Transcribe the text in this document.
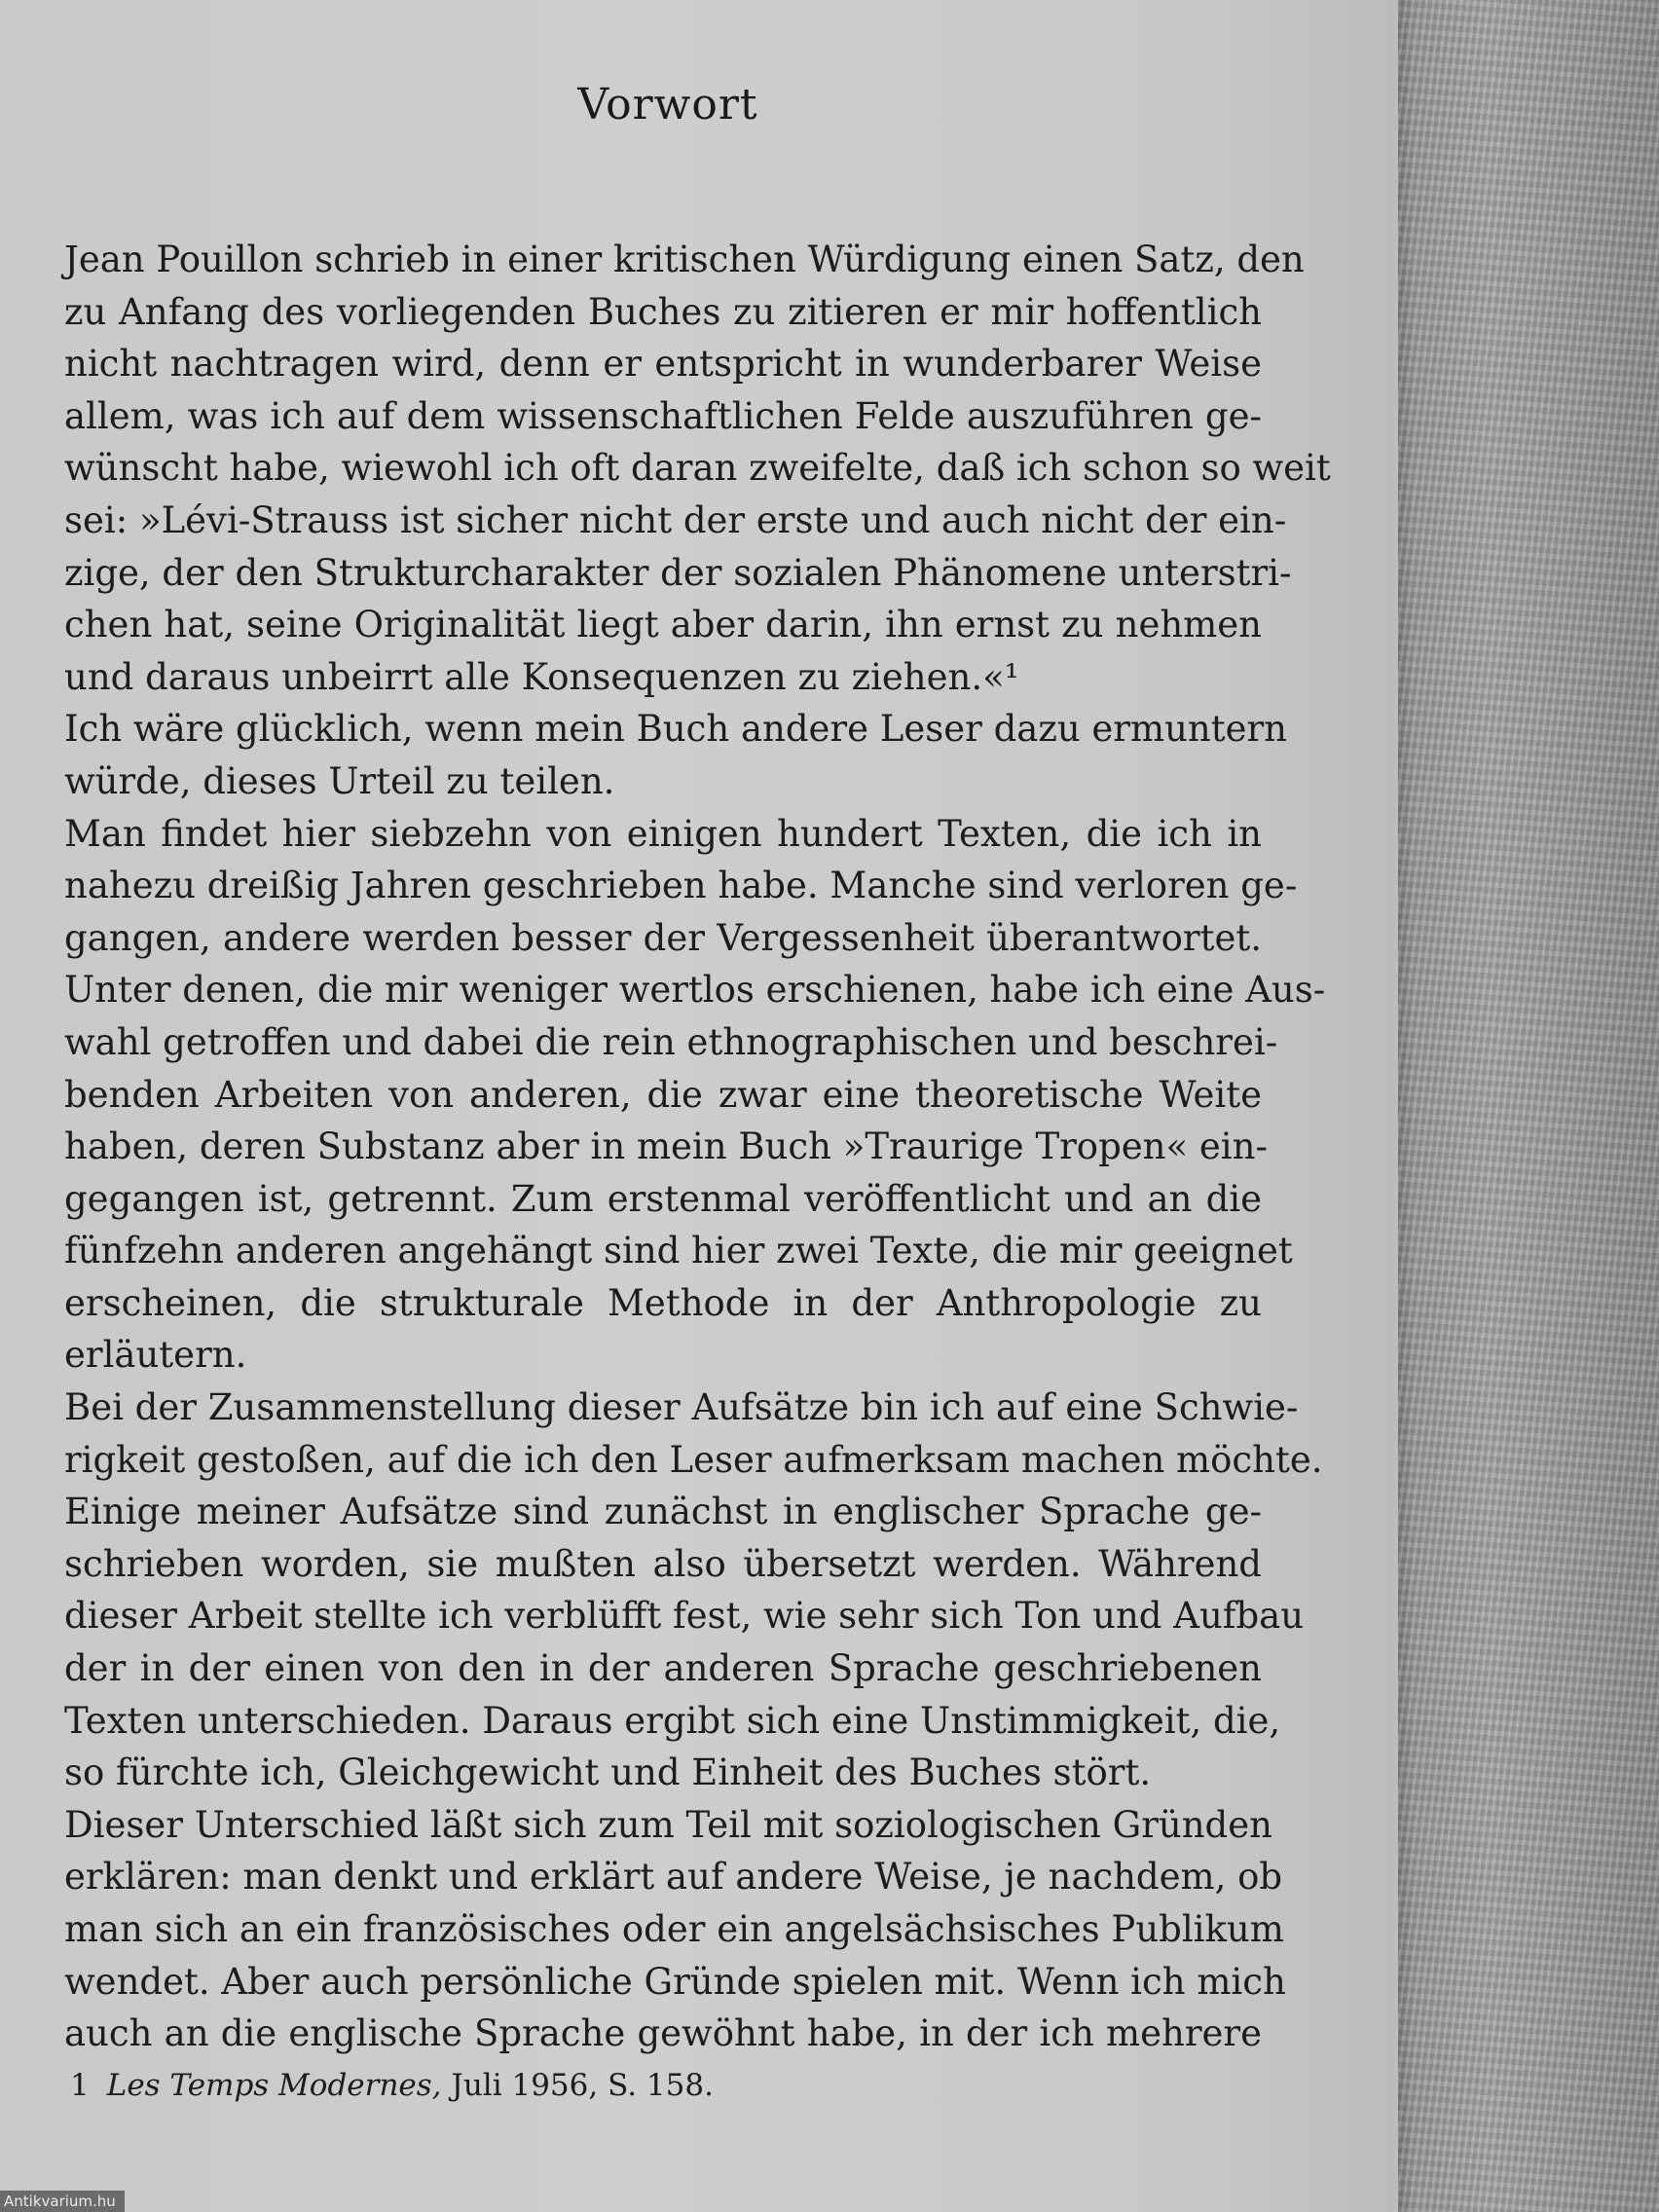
Vorwort
Jean Pouillon schrieb in einer kritischen Würdigung einen Satz, den
zu Anfang des vorliegenden Buches zu zitieren er mir hoffentlich
nicht nachtragen wird, denn er entspricht in wunderbarer Weise
allem, was ich auf dem wissenschaftlichen Felde auszuführen ge-
wünscht habe, wiewohl ich oft daran zweifelte, daß ich schon so weit
sei: »Lévi-Strauss ist sicher nicht der erste und auch nicht der ein-
zige, der den Strukturcharakter der sozialen Phänomene unterstri-
chen hat, seine Originalität liegt aber darin, ihn ernst zu nehmen
und daraus unbeirrt alle Konsequenzen zu ziehen.«¹
Ich wäre glücklich, wenn mein Buch andere Leser dazu ermuntern
würde, dieses Urteil zu teilen.
Man findet hier siebzehn von einigen hundert Texten, die ich in
nahezu dreißig Jahren geschrieben habe. Manche sind verloren ge-
gangen, andere werden besser der Vergessenheit überantwortet.
Unter denen, die mir weniger wertlos erschienen, habe ich eine Aus-
wahl getroffen und dabei die rein ethnographischen und beschrei-
benden Arbeiten von anderen, die zwar eine theoretische Weite
haben, deren Substanz aber in mein Buch »Traurige Tropen« ein-
gegangen ist, getrennt. Zum erstenmal veröffentlicht und an die
fünfzehn anderen angehängt sind hier zwei Texte, die mir geeignet
erscheinen, die strukturale Methode in der Anthropologie zu
erläutern.
Bei der Zusammenstellung dieser Aufsätze bin ich auf eine Schwie-
rigkeit gestoßen, auf die ich den Leser aufmerksam machen möchte.
Einige meiner Aufsätze sind zunächst in englischer Sprache ge-
schrieben worden, sie mußten also übersetzt werden. Während
dieser Arbeit stellte ich verblüfft fest, wie sehr sich Ton und Aufbau
der in der einen von den in der anderen Sprache geschriebenen
Texten unterschieden. Daraus ergibt sich eine Unstimmigkeit, die,
so fürchte ich, Gleichgewicht und Einheit des Buches stört.
Dieser Unterschied läßt sich zum Teil mit soziologischen Gründen
erklären: man denkt und erklärt auf andere Weise, je nachdem, ob
man sich an ein französisches oder ein angelsächsisches Publikum
wendet. Aber auch persönliche Gründe spielen mit. Wenn ich mich
auch an die englische Sprache gewöhnt habe, in der ich mehrere
1 Les Temps Modernes, Juli 1956, S. 158.
Antikvarium.hu
